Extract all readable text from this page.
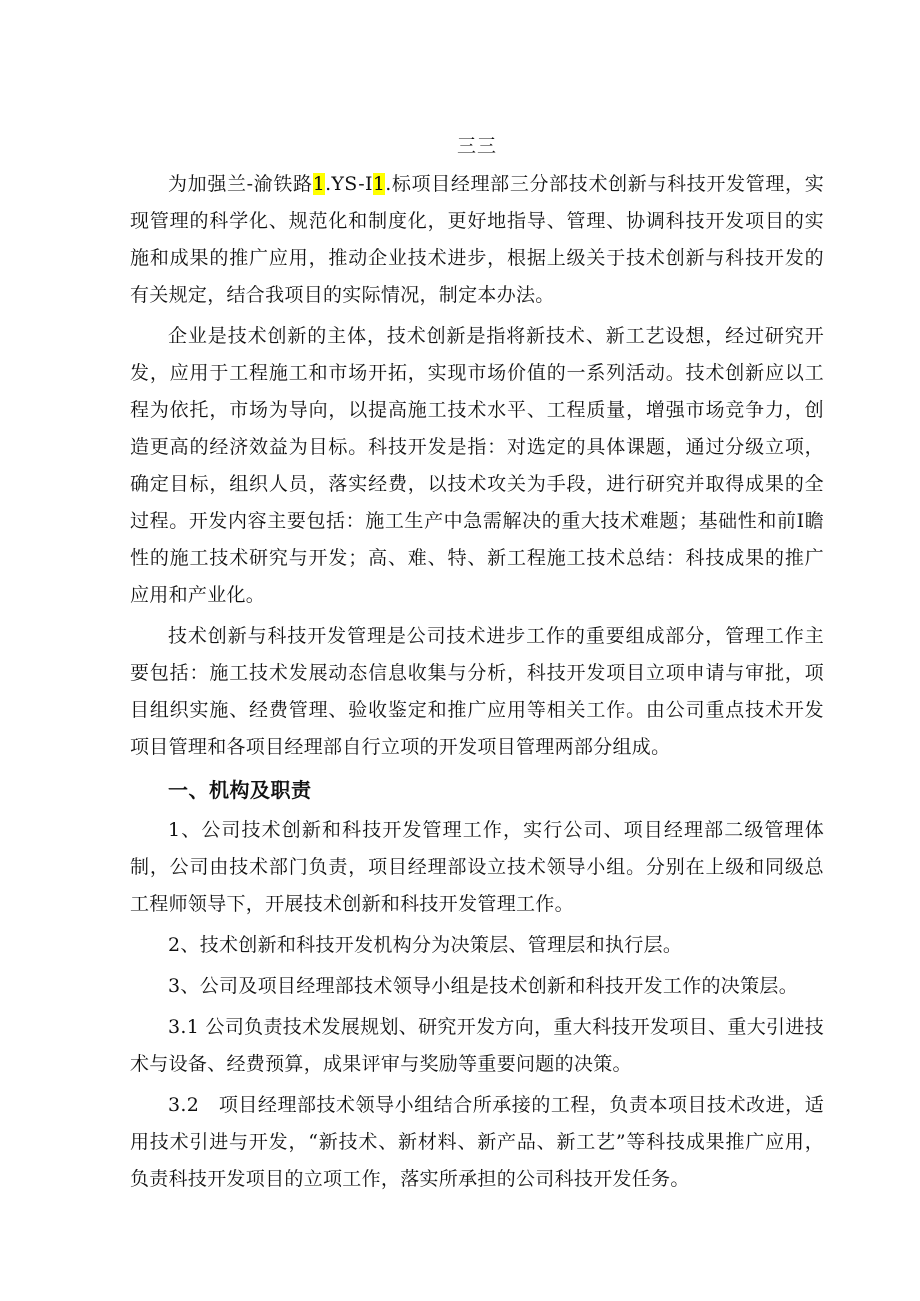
三三

为加强兰-渝铁路1.YS-I1.标项目经理部三分部技术创新与科技开发管理，实现管理的科学化、规范化和制度化，更好地指导、管理、协调科技开发项目的实施和成果的推广应用，推动企业技术进步，根据上级关于技术创新与科技开发的有关规定，结合我项目的实际情况，制定本办法。

企业是技术创新的主体，技术创新是指将新技术、新工艺设想，经过研究开发，应用于工程施工和市场开拓，实现市场价值的一系列活动。技术创新应以工程为依托，市场为导向，以提高施工技术水平、工程质量，增强市场竞争力，创造更高的经济效益为目标。科技开发是指：对选定的具体课题，通过分级立项，确定目标，组织人员，落实经费，以技术攻关为手段，进行研究并取得成果的全过程。开发内容主要包括：施工生产中急需解决的重大技术难题；基础性和前I瞻性的施工技术研究与开发；高、难、特、新工程施工技术总结：科技成果的推广应用和产业化。

技术创新与科技开发管理是公司技术进步工作的重要组成部分，管理工作主要包括：施工技术发展动态信息收集与分析，科技开发项目立项申请与审批，项目组织实施、经费管理、验收鉴定和推广应用等相关工作。由公司重点技术开发项目管理和各项目经理部自行立项的开发项目管理两部分组成。

一、机构及职责

1、公司技术创新和科技开发管理工作，实行公司、项目经理部二级管理体制，公司由技术部门负责，项目经理部设立技术领导小组。分别在上级和同级总工程师领导下，开展技术创新和科技开发管理工作。

2、技术创新和科技开发机构分为决策层、管理层和执行层。

3、公司及项目经理部技术领导小组是技术创新和科技开发工作的决策层。

3.1 公司负责技术发展规划、研究开发方向，重大科技开发项目、重大引进技术与设备、经费预算，成果评审与奖励等重要问题的决策。

3.2　项目经理部技术领导小组结合所承接的工程，负责本项目技术改进，适用技术引进与开发，“新技术、新材料、新产品、新工艺”等科技成果推广应用，负责科技开发项目的立项工作，落实所承担的公司科技开发任务。
